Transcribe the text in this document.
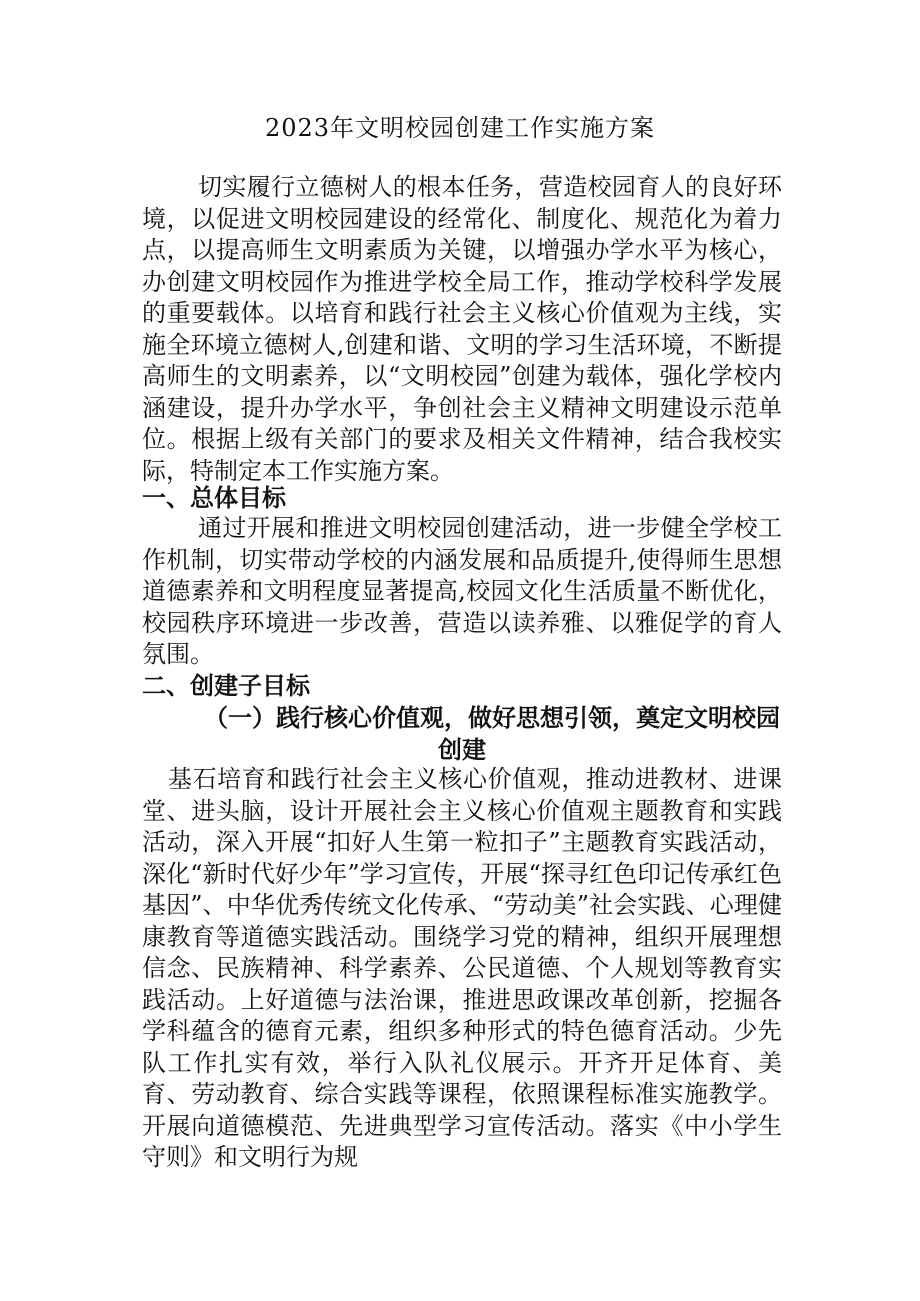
2023年文明校园创建工作实施方案
切实履行立德树人的根本任务，营造校园育人的良好环境，以促进文明校园建设的经常化、制度化、规范化为着力点，以提高师生文明素质为关键，以增强办学水平为核心，办创建文明校园作为推进学校全局工作，推动学校科学发展的重要载体。以培育和践行社会主义核心价值观为主线，实施全环境立德树人,创建和谐、文明的学习生活环境，不断提高师生的文明素养，以“文明校园”创建为载体，强化学校内涵建设，提升办学水平，争创社会主义精神文明建设示范单位。根据上级有关部门的要求及相关文件精神，结合我校实际，特制定本工作实施方案。
一、总体目标
通过开展和推进文明校园创建活动，进一步健全学校工作机制，切实带动学校的内涵发展和品质提升,使得师生思想道德素养和文明程度显著提高,校园文化生活质量不断优化，校园秩序环境进一步改善，营造以读养雅、以雅促学的育人氛围。
二、创建子目标
（一）践行核心价值观，做好思想引领，奠定文明校园创建
基石培育和践行社会主义核心价值观，推动进教材、进课堂、进头脑，设计开展社会主义核心价值观主题教育和实践活动，深入开展“扣好人生第一粒扣子”主题教育实践活动，深化“新时代好少年”学习宣传，开展“探寻红色印记传承红色基因”、中华优秀传统文化传承、“劳动美”社会实践、心理健康教育等道德实践活动。围绕学习党的精神，组织开展理想信念、民族精神、科学素养、公民道德、个人规划等教育实践活动。上好道德与法治课，推进思政课改革创新，挖掘各学科蕴含的德育元素，组织多种形式的特色德育活动。少先队工作扎实有效，举行入队礼仪展示。开齐开足体育、美育、劳动教育、综合实践等课程，依照课程标准实施教学。开展向道德模范、先进典型学习宣传活动。落实《中小学生守则》和文明行为规
